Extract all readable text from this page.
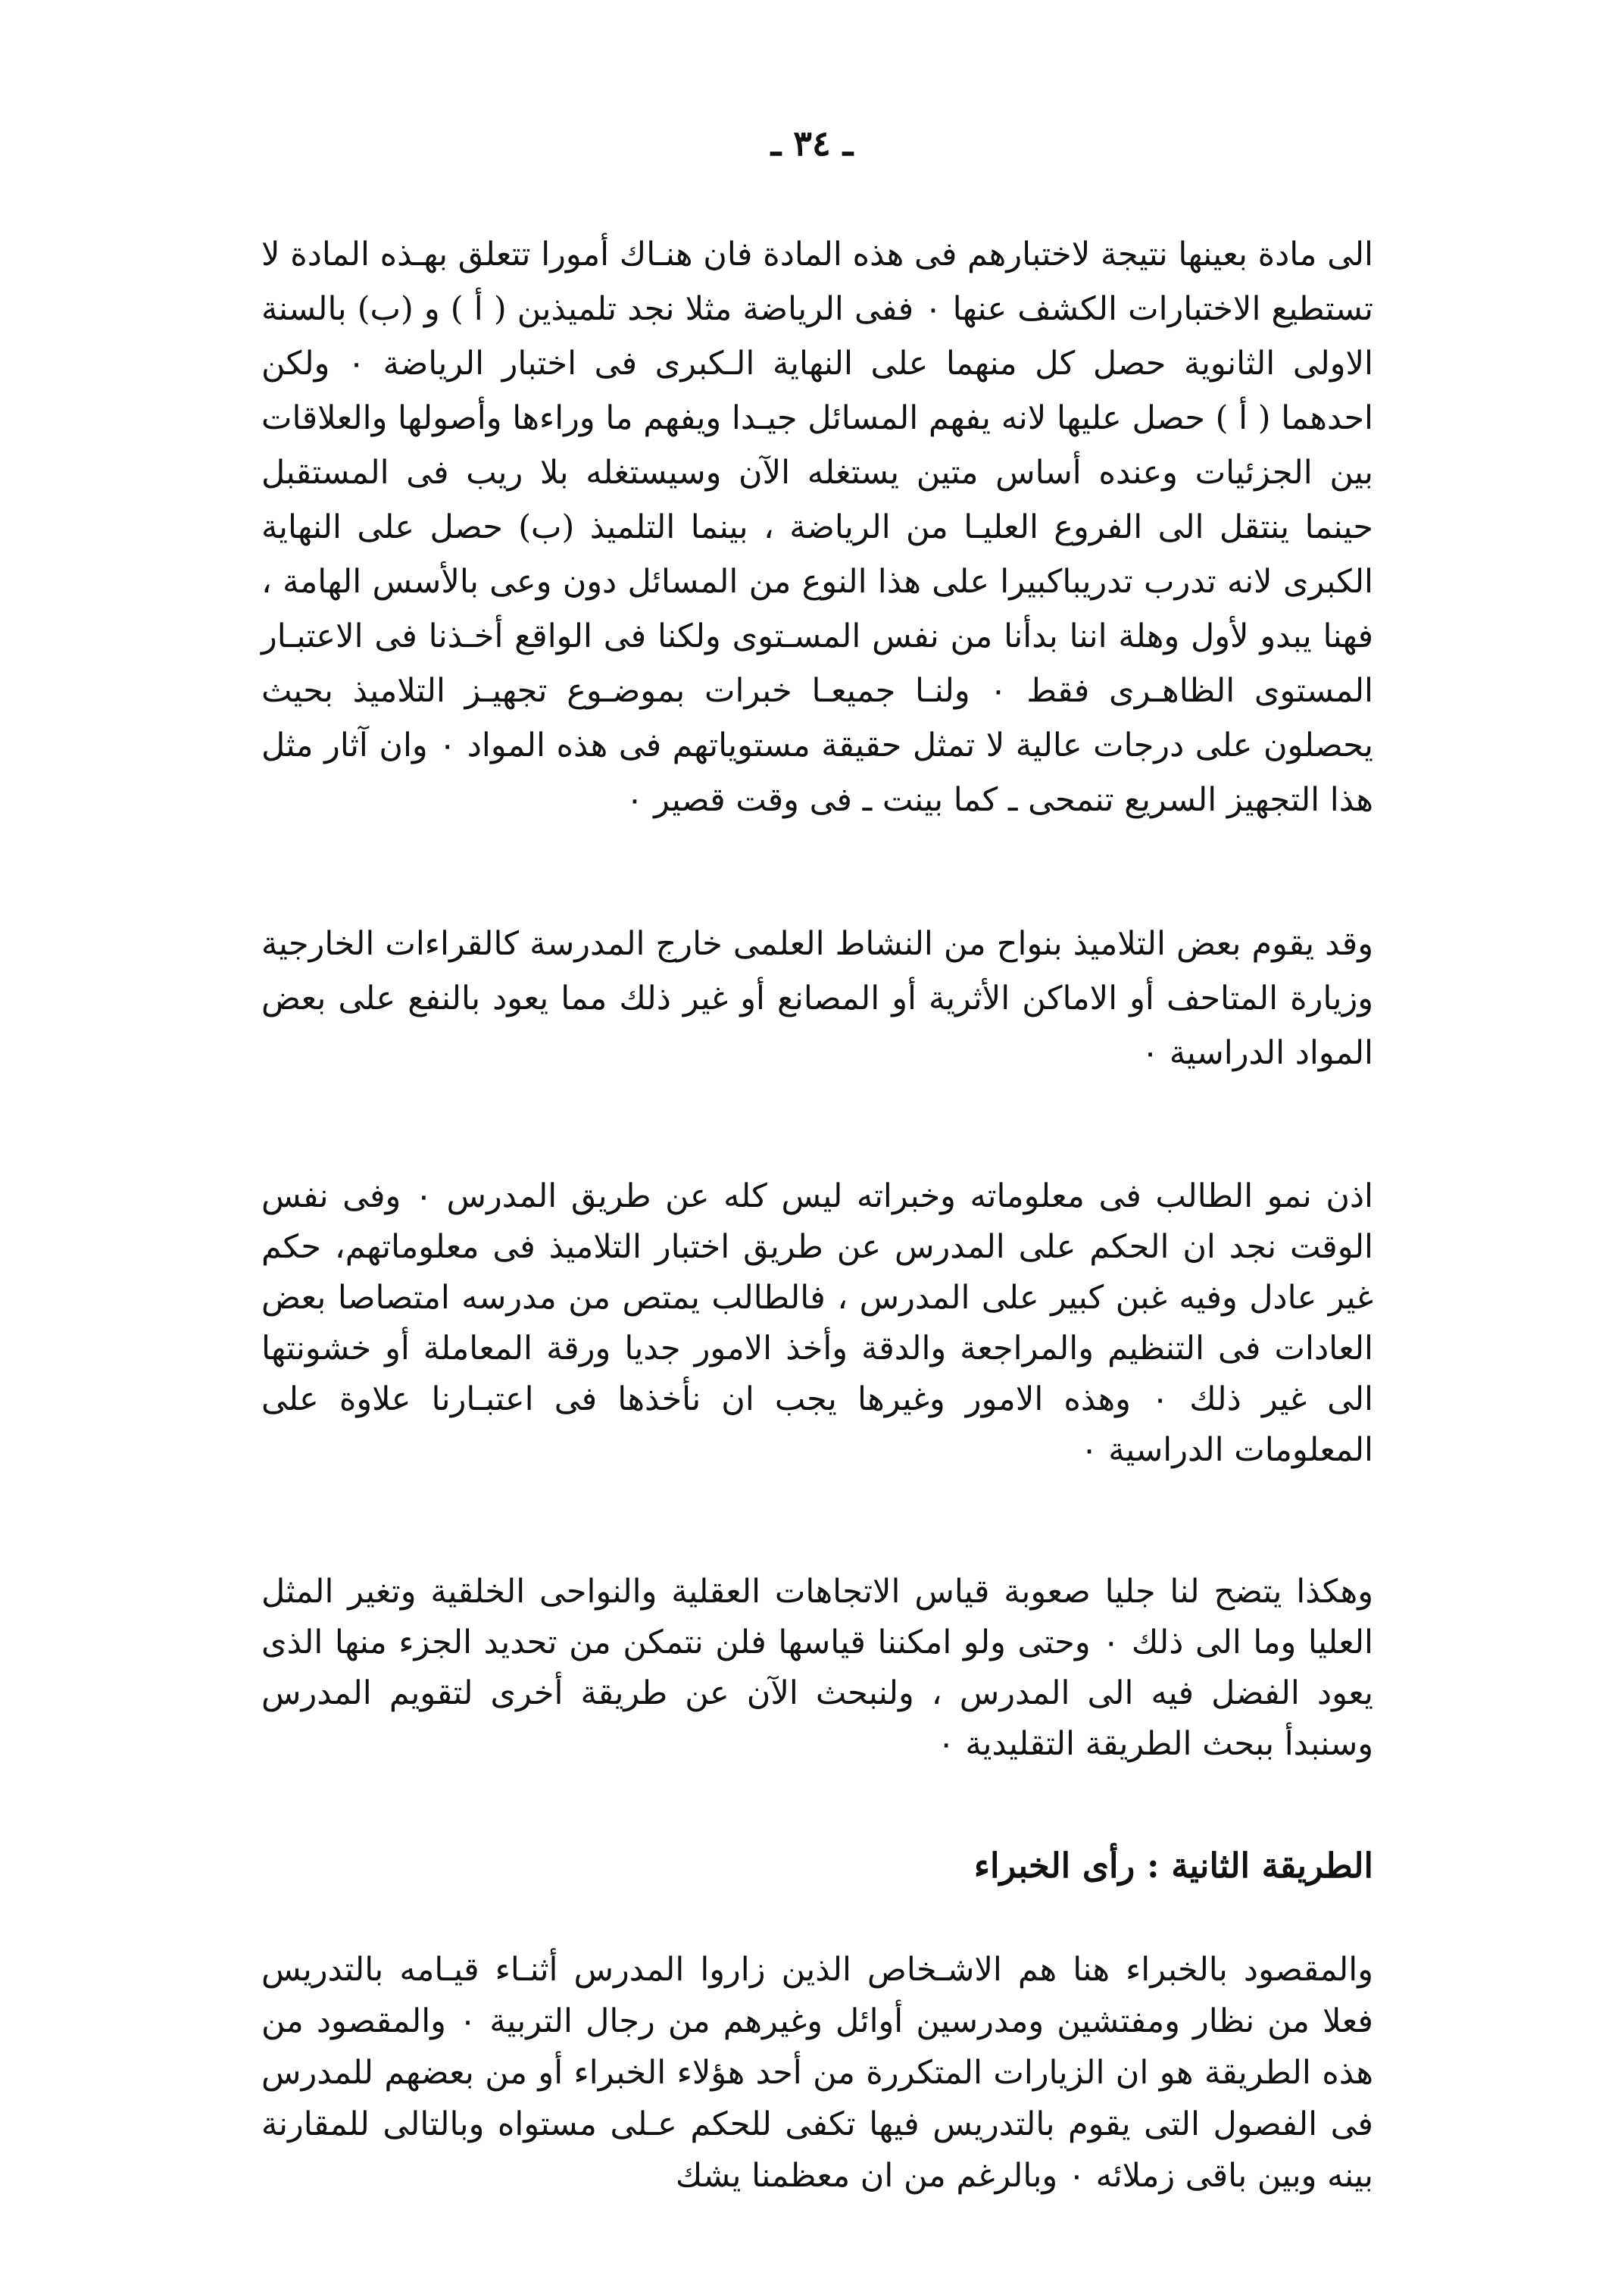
ـ ٣٤ ـ

الى مادة بعينها نتيجة لاختبارهم فى هذه المادة فان هنـاك أمورا تتعلق بهـذه المادة لا تستطيع الاختبارات الكشف عنها ٠ ففى الرياضة مثلا نجد تلميذين ( أ ) و (ب) بالسنة الاولى الثانوية حصل كل منهما على النهاية الـكبرى فى اختبار الرياضة ٠ ولكن احدهما ( أ ) حصل عليها لانه يفهم المسائل جيـدا ويفهم ما وراءها وأصولها والعلاقات بين الجزئيات وعنده أساس متين يستغله الآن وسيستغله بلا ريب فى المستقبل حينما ينتقل الى الفروع العليـا من الرياضة ، بينما التلميذ (ب) حصل على النهاية الكبرى لانه تدرب تدريباكبيرا على هذا النوع من المسائل دون وعى بالأسس الهامة ، فهنا يبدو لأول وهلة اننا بدأنا من نفس المسـتوى ولكنا فى الواقع أخـذنا فى الاعتبـار المستوى الظاهـرى فقط ٠ ولنـا جميعـا خبرات بموضـوع تجهيـز التلاميذ بحيث يحصلون على درجات عالية لا تمثل حقيقة مستوياتهم فى هذه المواد ٠ وان آثار مثل هذا التجهيز السريع تنمحى ـ كما بينت ـ فى وقت قصير ٠

وقد يقوم بعض التلاميذ بنواح من النشاط العلمى خارج المدرسة كالقراءات الخارجية وزيارة المتاحف أو الاماكن الأثرية أو المصانع أو غير ذلك مما يعود بالنفع على بعض المواد الدراسية ٠

اذن نمو الطالب فى معلوماته وخبراته ليس كله عن طريق المدرس ٠ وفى نفس الوقت نجد ان الحكم على المدرس عن طريق اختبار التلاميذ فى معلوماتهم، حكم غير عادل وفيه غبن كبير على المدرس ، فالطالب يمتص من مدرسه امتصاصا بعض العادات فى التنظيم والمراجعة والدقة وأخذ الامور جديا ورقة المعاملة أو خشونتها الى غير ذلك ٠ وهذه الامور وغيرها يجب ان نأخذها فى اعتبـارنا علاوة على المعلومات الدراسية ٠

وهكذا يتضح لنا جليا صعوبة قياس الاتجاهات العقلية والنواحى الخلقية وتغير المثل العليا وما الى ذلك ٠ وحتى ولو امكننا قياسها فلن نتمكن من تحديد الجزء منها الذى يعود الفضل فيه الى المدرس ، ولنبحث الآن عن طريقة أخرى لتقويم المدرس وسنبدأ ببحث الطريقة التقليدية ٠

الطريقة الثانية : رأى الخبراء

والمقصود بالخبراء هنا هم الاشـخاص الذين زاروا المدرس أثنـاء قيـامه بالتدريس فعلا من نظار ومفتشين ومدرسين أوائل وغيرهم من رجال التربية ٠ والمقصود من هذه الطريقة هو ان الزيارات المتكررة من أحد هؤلاء الخبراء أو من بعضهم للمدرس فى الفصول التى يقوم بالتدريس فيها تكفى للحكم عـلى مستواه وبالتالى للمقارنة بينه وبين باقى زملائه ٠ وبالرغم من ان معظمنا يشك
